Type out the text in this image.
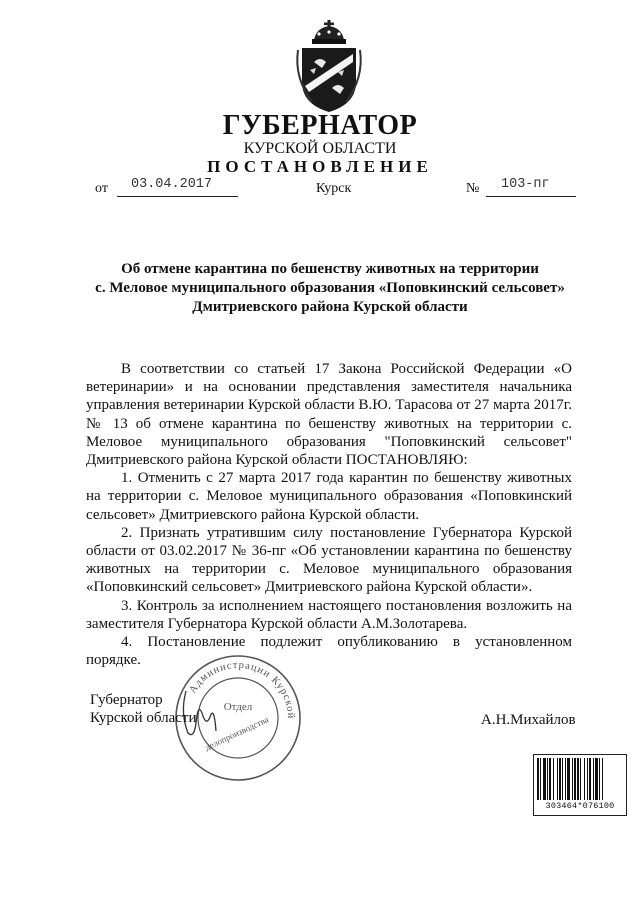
ГУБЕРНАТОР
КУРСКОЙ ОБЛАСТИ
ПОСТАНОВЛЕНИЕ
от 03.04.2017	Курск	№ 103-пг
Об отмене карантина по бешенству животных на территории
с. Меловое муниципального образования «Поповкинский сельсовет»
Дмитриевского района Курской области

В соответствии со статьей 17 Закона Российской Федерации «О ветеринарии» и на основании представления заместителя начальника управления ветеринарии Курской области В.Ю. Тарасова от 27 марта 2017г. № 13 об отмене карантина по бешенству животных на территории с. Меловое муниципального образования "Поповкинский сельсовет" Дмитриевского района Курской области ПОСТАНОВЛЯЮ:

1. Отменить с 27 марта 2017 года карантин по бешенству животных на территории с. Меловое муниципального образования «Поповкинский сельсовет» Дмитриевского района Курской области.

2. Признать утратившим силу постановление Губернатора Курской области от 03.02.2017 № 36-пг «Об установлении карантина по бешенству животных на территории с. Меловое муниципального образования «Поповкинский сельсовет» Дмитриевского района Курской области».

3. Контроль за исполнением настоящего постановления возложить на заместителя Губернатора Курской области А.М.Золотарева.

4. Постановление подлежит опубликованию в установленном порядке.

Администрации Курской
Отдел
делопроизводства
Губернатор
Курской области	А.Н.Михайлов
303464*076100
